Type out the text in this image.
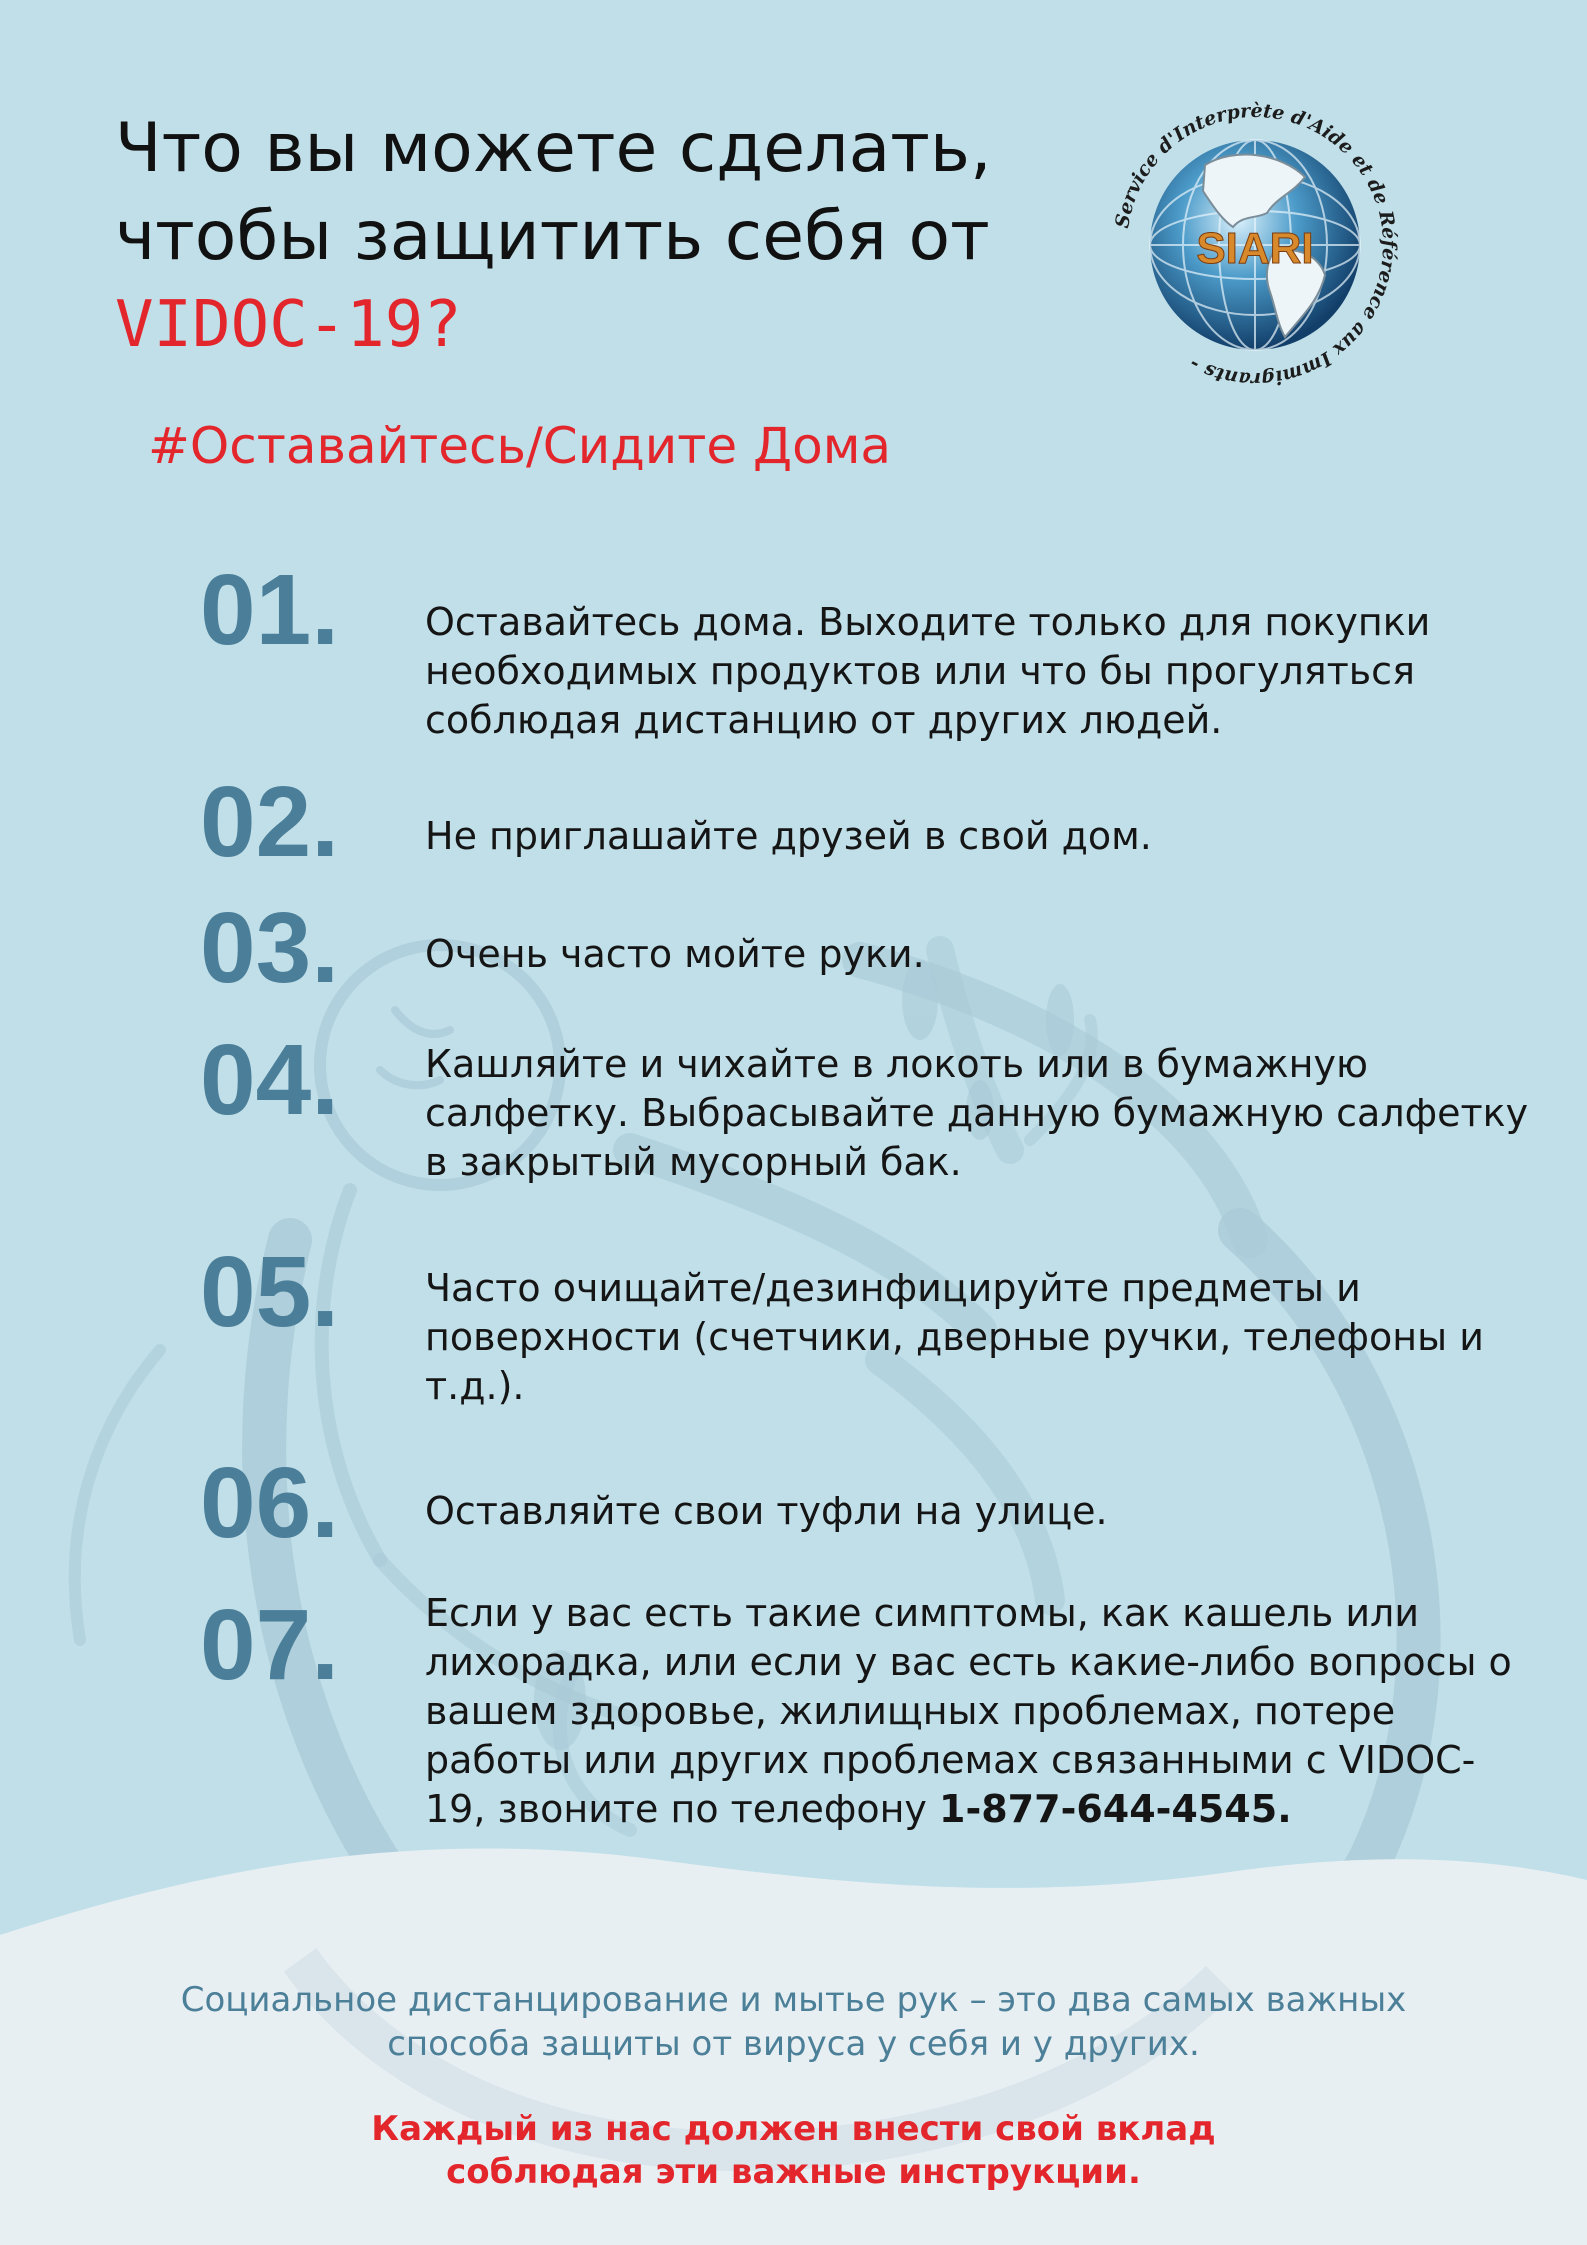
Что вы можете сделать,
чтобы защитить себя от
VIDOC-19?

#Оставайтесь/Сидите Дома

SIARI
Service d'Interprète d'Aide et de Référence aux Immigrants -
01. Оставайтесь дома. Выходите только для покупки необходимых продуктов или что бы прогуляться соблюдая дистанцию от других людей.

02. Не приглашайте друзей в свой дом.

03. Очень часто мойте руки.

04. Кашляйте и чихайте в локоть или в бумажную салфетку. Выбрасывайте данную бумажную салфетку в закрытый мусорный бак.

05. Часто очищайте/дезинфицируйте предметы и поверхности (счетчики, дверные ручки, телефоны и т.д.).

06. Оставляйте свои туфли на улице.

07. Если у вас есть такие симптомы, как кашель или лихорадка, или если у вас есть какие-либо вопросы о вашем здоровье, жилищных проблемах, потере работы или других проблемах связанными с VIDOC-19, звоните по телефону 1-877-644-4545.

Социальное дистанцирование и мытье рук – это два самых важных
способа защиты от вируса у себя и у других.

Каждый из нас должен внести свой вклад
соблюдая эти важные инструкции.
